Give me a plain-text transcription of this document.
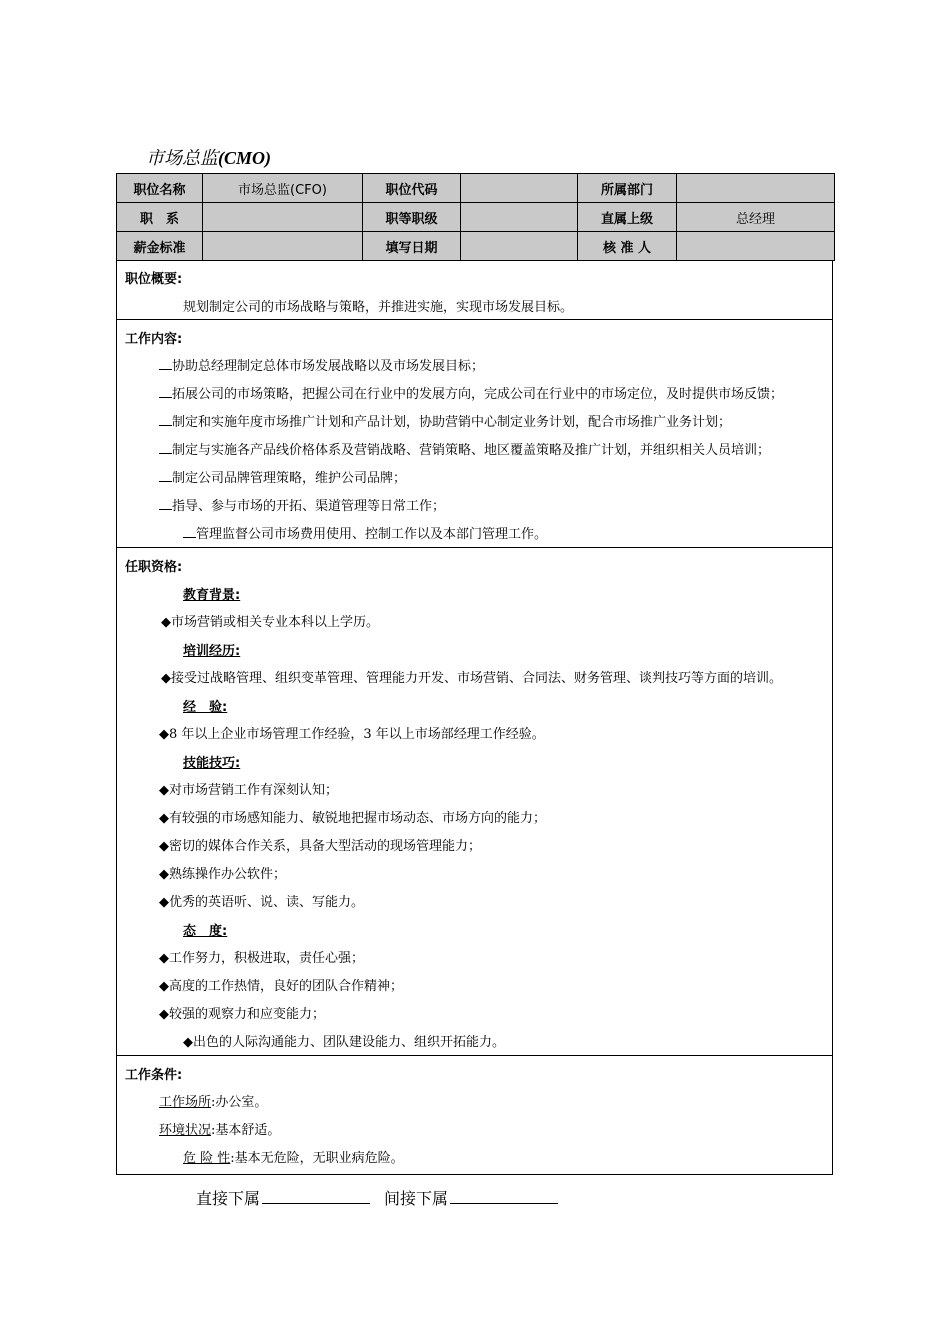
市场总监(CMO)
职位名称	市场总监(CFO)	职位代码		所属部门	
职　系		职等职级		直属上级	总经理
薪金标准		填写日期		核 准 人	
职位概要:
规划制定公司的市场战略与策略，并推进实施，实现市场发展目标。
工作内容:
协助总经理制定总体市场发展战略以及市场发展目标；
拓展公司的市场策略，把握公司在行业中的发展方向，完成公司在行业中的市场定位，及时提供市场反馈；
制定和实施年度市场推广计划和产品计划，协助营销中心制定业务计划，配合市场推广业务计划；
制定与实施各产品线价格体系及营销战略、营销策略、地区覆盖策略及推广计划，并组织相关人员培训；
制定公司品牌管理策略，维护公司品牌；
指导、参与市场的开拓、渠道管理等日常工作；
管理监督公司市场费用使用、控制工作以及本部门管理工作。
任职资格:
教育背景:
◆市场营销或相关专业本科以上学历。
培训经历:
◆接受过战略管理、组织变革管理、管理能力开发、市场营销、合同法、财务管理、谈判技巧等方面的培训。
经　验:
◆8 年以上企业市场管理工作经验，3 年以上市场部经理工作经验。
技能技巧:
◆对市场营销工作有深刻认知；
◆有较强的市场感知能力、敏锐地把握市场动态、市场方向的能力；
◆密切的媒体合作关系，具备大型活动的现场管理能力；
◆熟练操作办公软件；
◆优秀的英语听、说、读、写能力。
态　度:
◆工作努力，积极进取，责任心强；
◆高度的工作热情，良好的团队合作精神；
◆较强的观察力和应变能力；
◆出色的人际沟通能力、团队建设能力、组织开拓能力。
工作条件:
工作场所:办公室。
环境状况:基本舒适。
危 险 性:基本无危险，无职业病危险。
直接下属	间接下属
